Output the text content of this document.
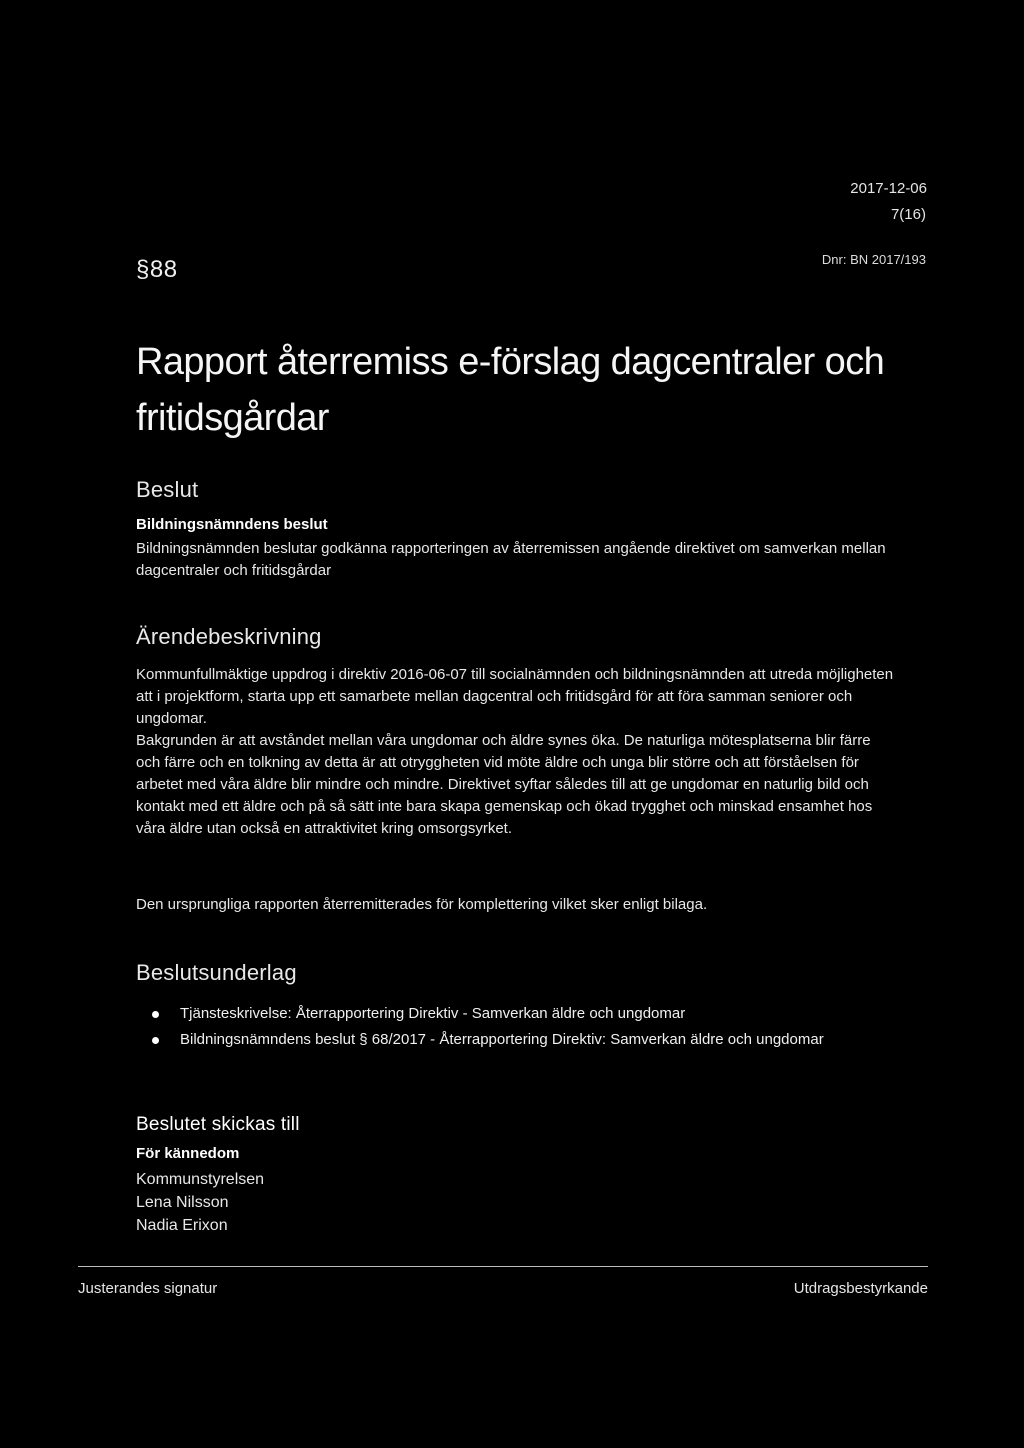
2017-12-06
7(16)
§88	Dnr: BN 2017/193
Rapport återremiss e-förslag dagcentraler och fritidsgårdar
Beslut
Bildningsnämndens beslut
Bildningsnämnden beslutar godkänna rapporteringen av återremissen angående direktivet om samverkan mellan dagcentraler och fritidsgårdar
Ärendebeskrivning

Kommunfullmäktige uppdrog i direktiv 2016-06-07 till socialnämnden och bildningsnämnden att utreda möjligheten att i projektform, starta upp ett samarbete mellan dagcentral och fritidsgård för att föra samman seniorer och ungdomar.

Bakgrunden är att avståndet mellan våra ungdomar och äldre synes öka. De naturliga mötesplatserna blir färre och färre och en tolkning av detta är att otryggheten vid möte äldre och unga blir större och att förståelsen för arbetet med våra äldre blir mindre och mindre. Direktivet syftar således till att ge ungdomar en naturlig bild och kontakt med ett äldre och på så sätt inte bara skapa gemenskap och ökad trygghet och minskad ensamhet hos våra äldre utan också en attraktivitet kring omsorgsyrket.

Den ursprungliga rapporten återremitterades för komplettering vilket sker enligt bilaga.
Beslutsunderlag
Tjänsteskrivelse: Återrapportering Direktiv - Samverkan äldre och ungdomar
Bildningsnämndens beslut § 68/2017 - Återrapportering Direktiv: Samverkan äldre och ungdomar
Beslutet skickas till
För kännedom
Kommunstyrelsen
Lena Nilsson
Nadia Erixon
Justerandes signatur	Utdragsbestyrkande
